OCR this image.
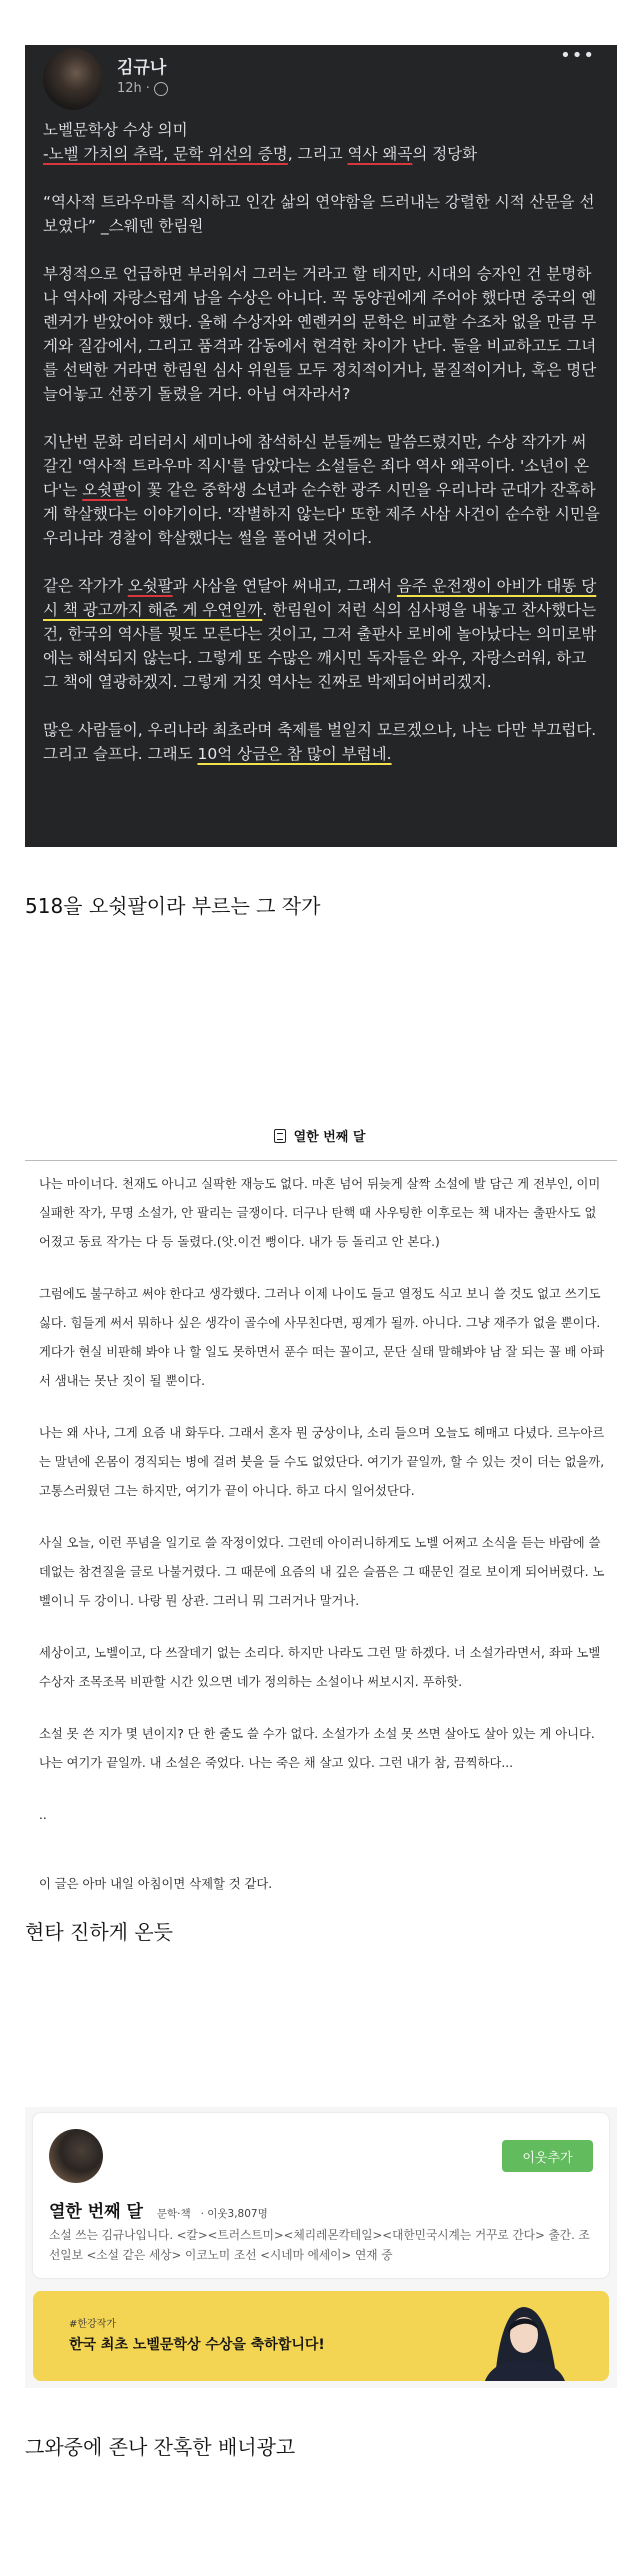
김규나
12h ·
•••

노벨문학상 수상 의미
-노벨 가치의 추락, 문학 위선의 증명, 그리고 역사 왜곡의 정당화

“역사적 트라우마를 직시하고 인간 삶의 연약함을 드러내는 강렬한 시적 산문을 선보였다” _스웨덴 한림원

부정적으로 언급하면 부러워서 그러는 거라고 할 테지만, 시대의 승자인 건 분명하나 역사에 자랑스럽게 남을 수상은 아니다. 꼭 동양권에게 주어야 했다면 중국의 옌롄커가 받았어야 했다. 올해 수상자와 옌롄커의 문학은 비교할 수조차 없을 만큼 무게와 질감에서, 그리고 품격과 감동에서 현격한 차이가 난다. 둘을 비교하고도 그녀를 선택한 거라면 한림원 심사 위원들 모두 정치적이거나, 물질적이거나, 혹은 명단 늘어놓고 선풍기 돌렸을 거다. 아님 여자라서?

지난번 문화 리터러시 세미나에 참석하신 분들께는 말씀드렸지만, 수상 작가가 써 갈긴 '역사적 트라우마 직시'를 담았다는 소설들은 죄다 역사 왜곡이다. '소년이 온다'는 오쉿팔이 꽃 같은 중학생 소년과 순수한 광주 시민을 우리나라 군대가 잔혹하게 학살했다는 이야기이다. '작별하지 않는다' 또한 제주 사삼 사건이 순수한 시민을 우리나라 경찰이 학살했다는 썰을 풀어낸 것이다.

같은 작가가 오쉿팔과 사삼을 연달아 써내고, 그래서 음주 운전쟁이 아비가 대똥 당시 책 광고까지 해준 게 우연일까. 한림원이 저런 식의 심사평을 내놓고 찬사했다는 건, 한국의 역사를 뭣도 모른다는 것이고, 그저 출판사 로비에 놀아났다는 의미로밖에는 해석되지 않는다. 그렇게 또 수많은 깨시민 독자들은 와우, 자랑스러워, 하고 그 책에 열광하겠지. 그렇게 거짓 역사는 진짜로 박제되어버리겠지.

많은 사람들이, 우리나라 최초라며 축제를 벌일지 모르겠으나, 나는 다만 부끄럽다. 그리고 슬프다. 그래도 10억 상금은 참 많이 부럽네.

518을 오쉿팔이라 부르는 그 작가
열한 번째 달

나는 마이너다. 천재도 아니고 실팍한 재능도 없다. 마흔 넘어 뒤늦게 살짝 소설에 발 담근 게 전부인, 이미 실패한 작가, 무명 소설가, 안 팔리는 글쟁이다. 더구나 탄핵 때 사우팅한 이후로는 책 내자는 출판사도 없어졌고 동료 작가는 다 등 돌렸다.(앗.이건 뻥이다. 내가 등 돌리고 안 본다.)

그럼에도 불구하고 써야 한다고 생각했다. 그러나 이제 나이도 들고 열정도 식고 보니 쓸 것도 없고 쓰기도 싫다. 힘들게 써서 뭐하나 싶은 생각이 골수에 사무친다면, 핑계가 될까. 아니다. 그냥 재주가 없을 뿐이다. 게다가 현실 비판해 봐야 나 할 일도 못하면서 푼수 떠는 꼴이고, 문단 실태 말해봐야 남 잘 되는 꼴 배 아파서 샘내는 못난 짓이 될 뿐이다.

나는 왜 사나, 그게 요즘 내 화두다. 그래서 혼자 뭔 궁상이냐, 소리 들으며 오늘도 헤매고 다녔다. 르누아르는 말년에 온몸이 경직되는 병에 걸려 붓을 들 수도 없었단다. 여기가 끝일까, 할 수 있는 것이 더는 없을까, 고통스러웠던 그는 하지만, 여기가 끝이 아니다. 하고 다시 일어섰단다.

사실 오늘, 이런 푸념을 일기로 쓸 작정이었다. 그런데 아이러니하게도 노벨 어쩌고 소식을 듣는 바람에 쓸데없는 참견질을 글로 나불거렸다. 그 때문에 요즘의 내 깊은 슬픔은 그 때문인 걸로 보이게 되어버렸다. 노벨이니 두 강이니. 나랑 뭔 상관. 그러니 뭐 그러거나 말거나.

세상이고, 노벨이고, 다 쓰잘데기 없는 소리다. 하지만 나라도 그런 말 하겠다. 너 소설가라면서, 좌파 노벨 수상자 조목조목 비판할 시간 있으면 네가 정의하는 소설이나 써보시지. 푸하핫.

소설 못 쓴 지가 몇 년이지? 단 한 줄도 쓸 수가 없다. 소설가가 소설 못 쓰면 살아도 살아 있는 게 아니다. 나는 여기가 끝일까. 내 소설은 죽었다. 나는 죽은 채 살고 있다. 그런 내가 참, 끔찍하다...

..

이 글은 아마 내일 아침이면 삭제할 것 같다.

현타 진하게 온듯
이웃추가
열한 번째 달 문학·책 · 이웃3,807명
소설 쓰는 김규나입니다. <칼><트러스트미><체리레몬칵테일><대한민국시계는 거꾸로 간다> 출간. 조선일보 <소설 같은 세상> 이코노미 조선 <시네마 에세이> 연재 중
#한강작가
한국 최초 노벨문학상 수상을 축하합니다!
그와중에 존나 잔혹한 배너광고
